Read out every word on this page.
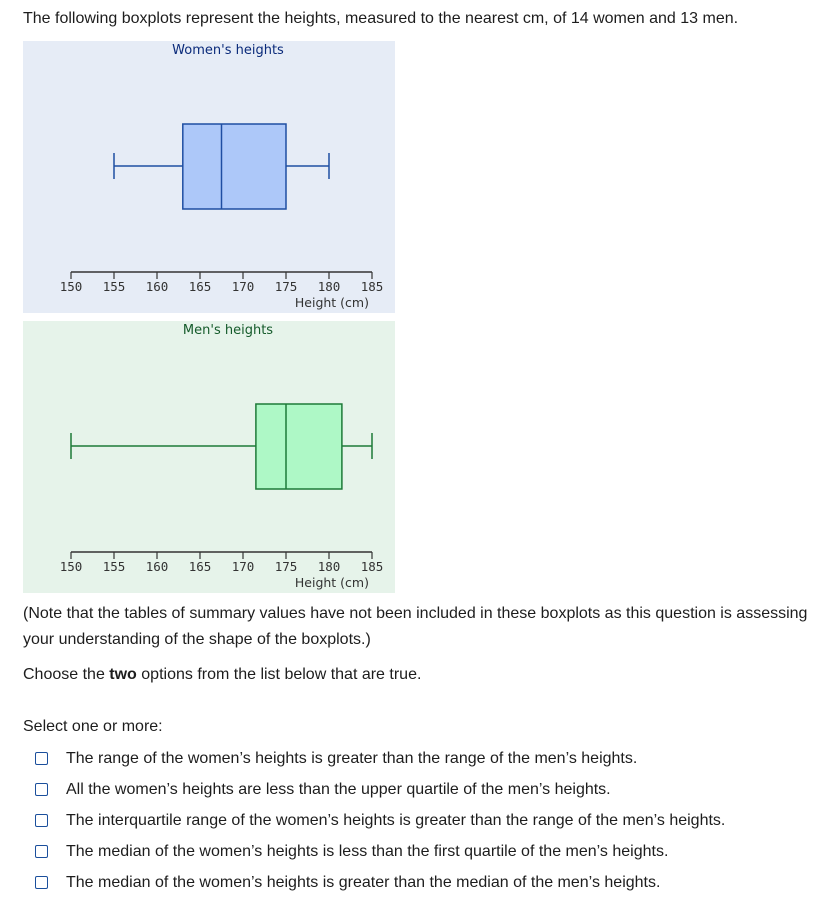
The following boxplots represent the heights, measured to the nearest cm, of 14 women and 13 men.

Women's heights
150 155 160 165 170 175 180 185
Height (cm)
Men's heights
150 155 160 165 170 175 180 185
Height (cm)

(Note that the tables of summary values have not been included in these boxplots as this question is assessing your understanding of the shape of the boxplots.)

Choose the two options from the list below that are true.

Select one or more:

The range of the women’s heights is greater than the range of the men’s heights.
All the women’s heights are less than the upper quartile of the men’s heights.
The interquartile range of the women’s heights is greater than the range of the men’s heights.
The median of the women’s heights is less than the first quartile of the men’s heights.
The median of the women’s heights is greater than the median of the men’s heights.
